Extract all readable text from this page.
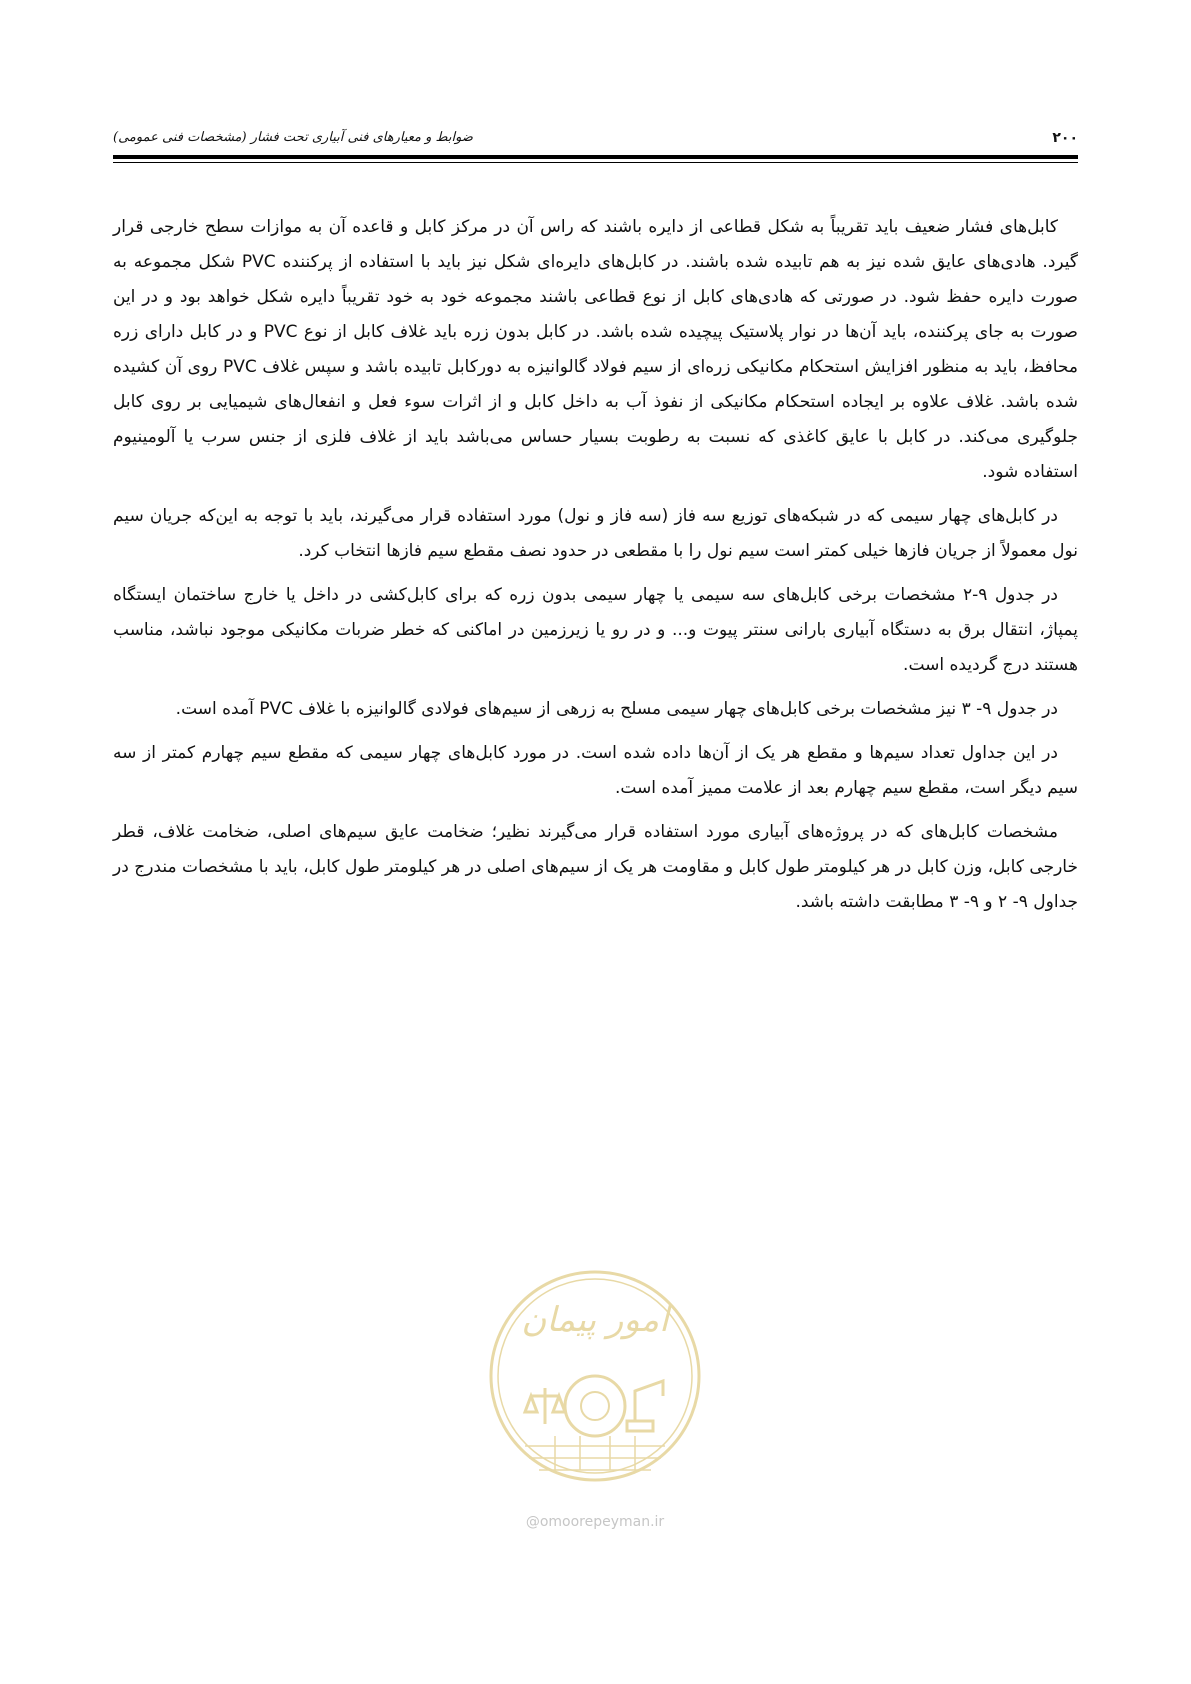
۲۰۰
ضوابط و معیارهای فنی آبیاری تحت فشار (مشخصات فنی عمومی)

کابل‌های فشار ضعیف باید تقریباً به شکل قطاعی از دایره باشند که راس آن در مرکز کابل و قاعده آن به موازات سطح خارجی قرار گیرد. هادی‌های عایق شده نیز به هم تابیده شده باشند. در کابل‌های دایره‌ای شکل نیز باید با استفاده از پرکننده PVC شکل مجموعه به صورت دایره حفظ شود. در صورتی که هادی‌های کابل از نوع قطاعی باشند مجموعه خود به خود تقریباً دایره شکل خواهد بود و در این صورت به جای پرکننده، باید آن‌ها در نوار پلاستیک پیچیده شده باشد. در کابل بدون زره باید غلاف کابل از نوع PVC و در کابل دارای زره محافظ، باید به منظور افزایش استحکام مکانیکی زره‌ای از سیم فولاد گالوانیزه به دورکابل تابیده باشد و سپس غلاف PVC روی آن کشیده شده باشد. غلاف علاوه بر ایجاده استحکام مکانیکی از نفوذ آب به داخل کابل و از اثرات سوء فعل و انفعال‌های شیمیایی بر روی کابل جلوگیری می‌کند. در کابل با عایق کاغذی که نسبت به رطوبت بسیار حساس می‌باشد باید از غلاف فلزی از جنس سرب یا آلومینیوم استفاده شود.

در کابل‌های چهار سیمی که در شبکه‌های توزیع سه فاز (سه فاز و نول) مورد استفاده قرار می‌گیرند، باید با توجه به این‌که جریان سیم نول معمولاً از جریان فازها خیلی کمتر است سیم نول را با مقطعی در حدود نصف مقطع سیم فازها انتخاب کرد.

در جدول ۹-۲ مشخصات برخی کابل‌های سه سیمی یا چهار سیمی بدون زره که برای کابل‌کشی در داخل یا خارج ساختمان ایستگاه پمپاژ، انتقال برق به دستگاه آبیاری بارانی سنتر پیوت و... و در رو یا زیرزمین در اماکنی که خطر ضربات مکانیکی موجود نباشد، مناسب هستند درج گردیده است.

در جدول ۹- ۳ نیز مشخصات برخی کابل‌های چهار سیمی مسلح به زرهی از سیم‌های فولادی گالوانیزه با غلاف PVC آمده است.

در این جداول تعداد سیم‌ها و مقطع هر یک از آن‌ها داده شده است. در مورد کابل‌های چهار سیمی که مقطع سیم چهارم کمتر از سه سیم دیگر است، مقطع سیم چهارم بعد از علامت ممیز آمده است.

مشخصات کابل‌های که در پروژه‌های آبیاری مورد استفاده قرار می‌گیرند نظیر؛ ضخامت عایق سیم‌های اصلی، ضخامت غلاف، قطر خارجی کابل، وزن کابل در هر کیلومتر طول کابل و مقاومت هر یک از سیم‌های اصلی در هر کیلومتر طول کابل، باید با مشخصات مندرج در جداول ۹- ۲ و ۹- ۳ مطابقت داشته باشد.

امور پیمان
@omoorepeyman.ir
